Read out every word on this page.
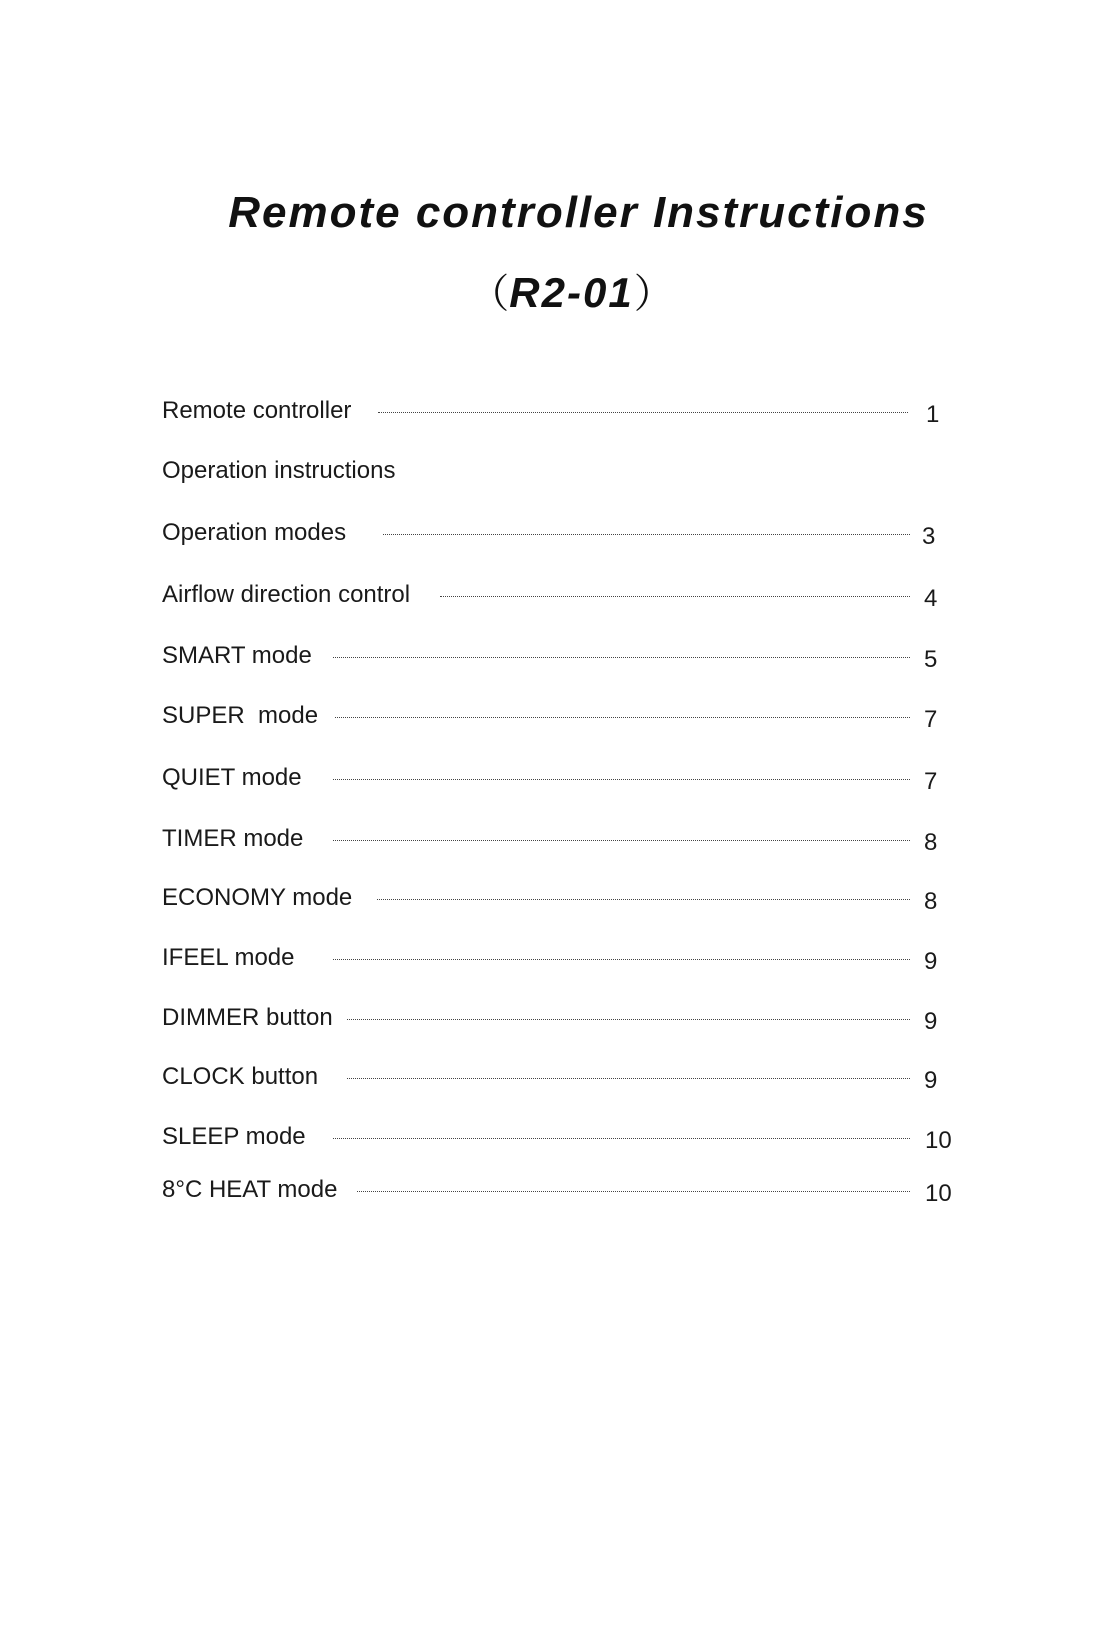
Remote controller Instructions
（R2-01）
Remote controller	1
Operation instructions
Operation modes	3
Airflow direction control	4
SMART mode	5
SUPER  mode	7
QUIET mode	7
TIMER mode	8
ECONOMY mode	8
IFEEL mode	9
DIMMER button	9
CLOCK button	9
SLEEP mode	10
8°C HEAT mode	10
